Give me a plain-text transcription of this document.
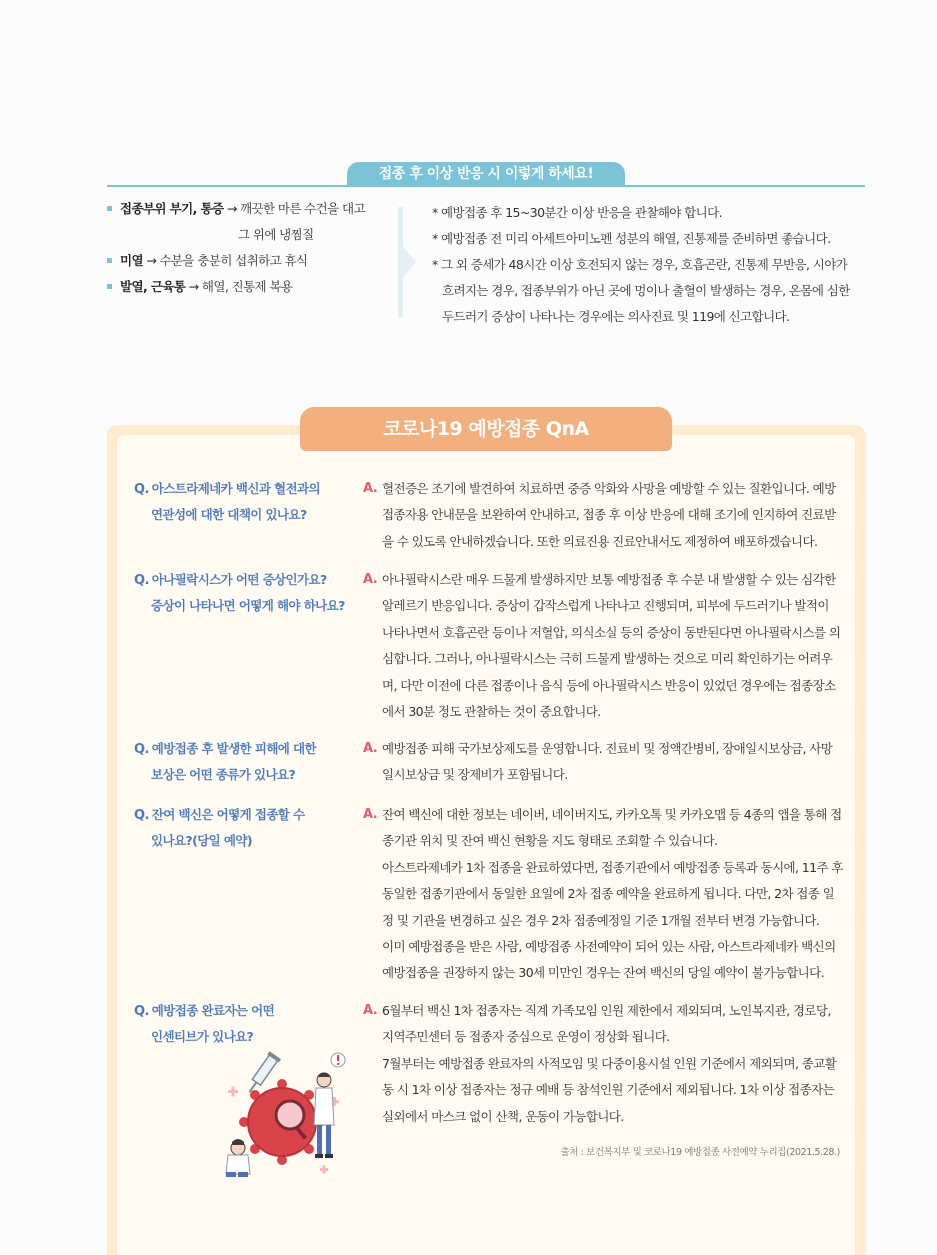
접종 후 이상 반응 시 이렇게 하세요!
접종부위 부기, 통증 → 깨끗한 마른 수건을 대고
그 위에 냉찜질
미열 → 수분을 충분히 섭취하고 휴식
발열, 근육통 → 해열, 진통제 복용
* 예방접종 후 15~30분간 이상 반응을 관찰해야 합니다.
* 예방접종 전 미리 아세트아미노펜 성분의 해열, 진통제를 준비하면 좋습니다.
* 그 외 증세가 48시간 이상 호전되지 않는 경우, 호흡곤란, 진통제 무반응, 시야가
흐려지는 경우, 접종부위가 아닌 곳에 멍이나 출혈이 발생하는 경우, 온몸에 심한
두드러기 증상이 나타나는 경우에는 의사진료 및 119에 신고합니다.
코로나19 예방접종 QnA
Q. 아스트라제네카 백신과 혈전과의
연관성에 대한 대책이 있나요?
A. 혈전증은 조기에 발견하여 치료하면 중증 악화와 사망을 예방할 수 있는 질환입니다. 예방접종자용 안내문을 보완하여 안내하고, 접종 후 이상 반응에 대해 조기에 인지하여 진료받을 수 있도록 안내하겠습니다. 또한 의료진용 진료안내서도 제정하여 배포하겠습니다.
Q. 아나필락시스가 어떤 증상인가요?
증상이 나타나면 어떻게 해야 하나요?
A. 아나필락시스란 매우 드물게 발생하지만 보통 예방접종 후 수분 내 발생할 수 있는 심각한 알레르기 반응입니다. 증상이 갑작스럽게 나타나고 진행되며, 피부에 두드러기나 발적이 나타나면서 호흡곤란 등이나 저혈압, 의식소실 등의 증상이 동반된다면 아나필락시스를 의심합니다. 그러나, 아나필락시스는 극히 드물게 발생하는 것으로 미리 확인하기는 어려우며, 다만 이전에 다른 접종이나 음식 등에 아나필락시스 반응이 있었던 경우에는 접종장소에서 30분 정도 관찰하는 것이 중요합니다.
Q. 예방접종 후 발생한 피해에 대한
보상은 어떤 종류가 있나요?
A. 예방접종 피해 국가보상제도를 운영합니다. 진료비 및 정액간병비, 장애일시보상금, 사망일시보상금 및 장제비가 포함됩니다.
Q. 잔여 백신은 어떻게 접종할 수
있나요?(당일 예약)
A. 잔여 백신에 대한 정보는 네이버, 네이버지도, 카카오톡 및 카카오맵 등 4종의 앱을 통해 접종기관 위치 및 잔여 백신 현황을 지도 형태로 조회할 수 있습니다.
아스트라제네카 1차 접종을 완료하였다면, 접종기관에서 예방접종 등록과 동시에, 11주 후 동일한 접종기관에서 동일한 요일에 2차 접종 예약을 완료하게 됩니다. 다만, 2차 접종 일정 및 기관을 변경하고 싶은 경우 2차 접종예정일 기준 1개월 전부터 변경 가능합니다.
이미 예방접종을 받은 사람, 예방접종 사전예약이 되어 있는 사람, 아스트라제네카 백신의 예방접종을 권장하지 않는 30세 미만인 경우는 잔여 백신의 당일 예약이 불가능합니다.
Q. 예방접종 완료자는 어떤
인센티브가 있나요?
A. 6월부터 백신 1차 접종자는 직계 가족모임 인원 제한에서 제외되며, 노인복지관, 경로당, 지역주민센터 등 접종자 중심으로 운영이 정상화 됩니다.
7월부터는 예방접종 완료자의 사적모임 및 다중이용시설 인원 기준에서 제외되며, 종교활동 시 1차 이상 접종자는 정규 예배 등 참석인원 기준에서 제외됩니다. 1차 이상 접종자는 실외에서 마스크 없이 산책, 운동이 가능합니다.
출처 : 보건복지부 및 코로나19 예방접종 사전예약 누리집(2021.5.28.)
